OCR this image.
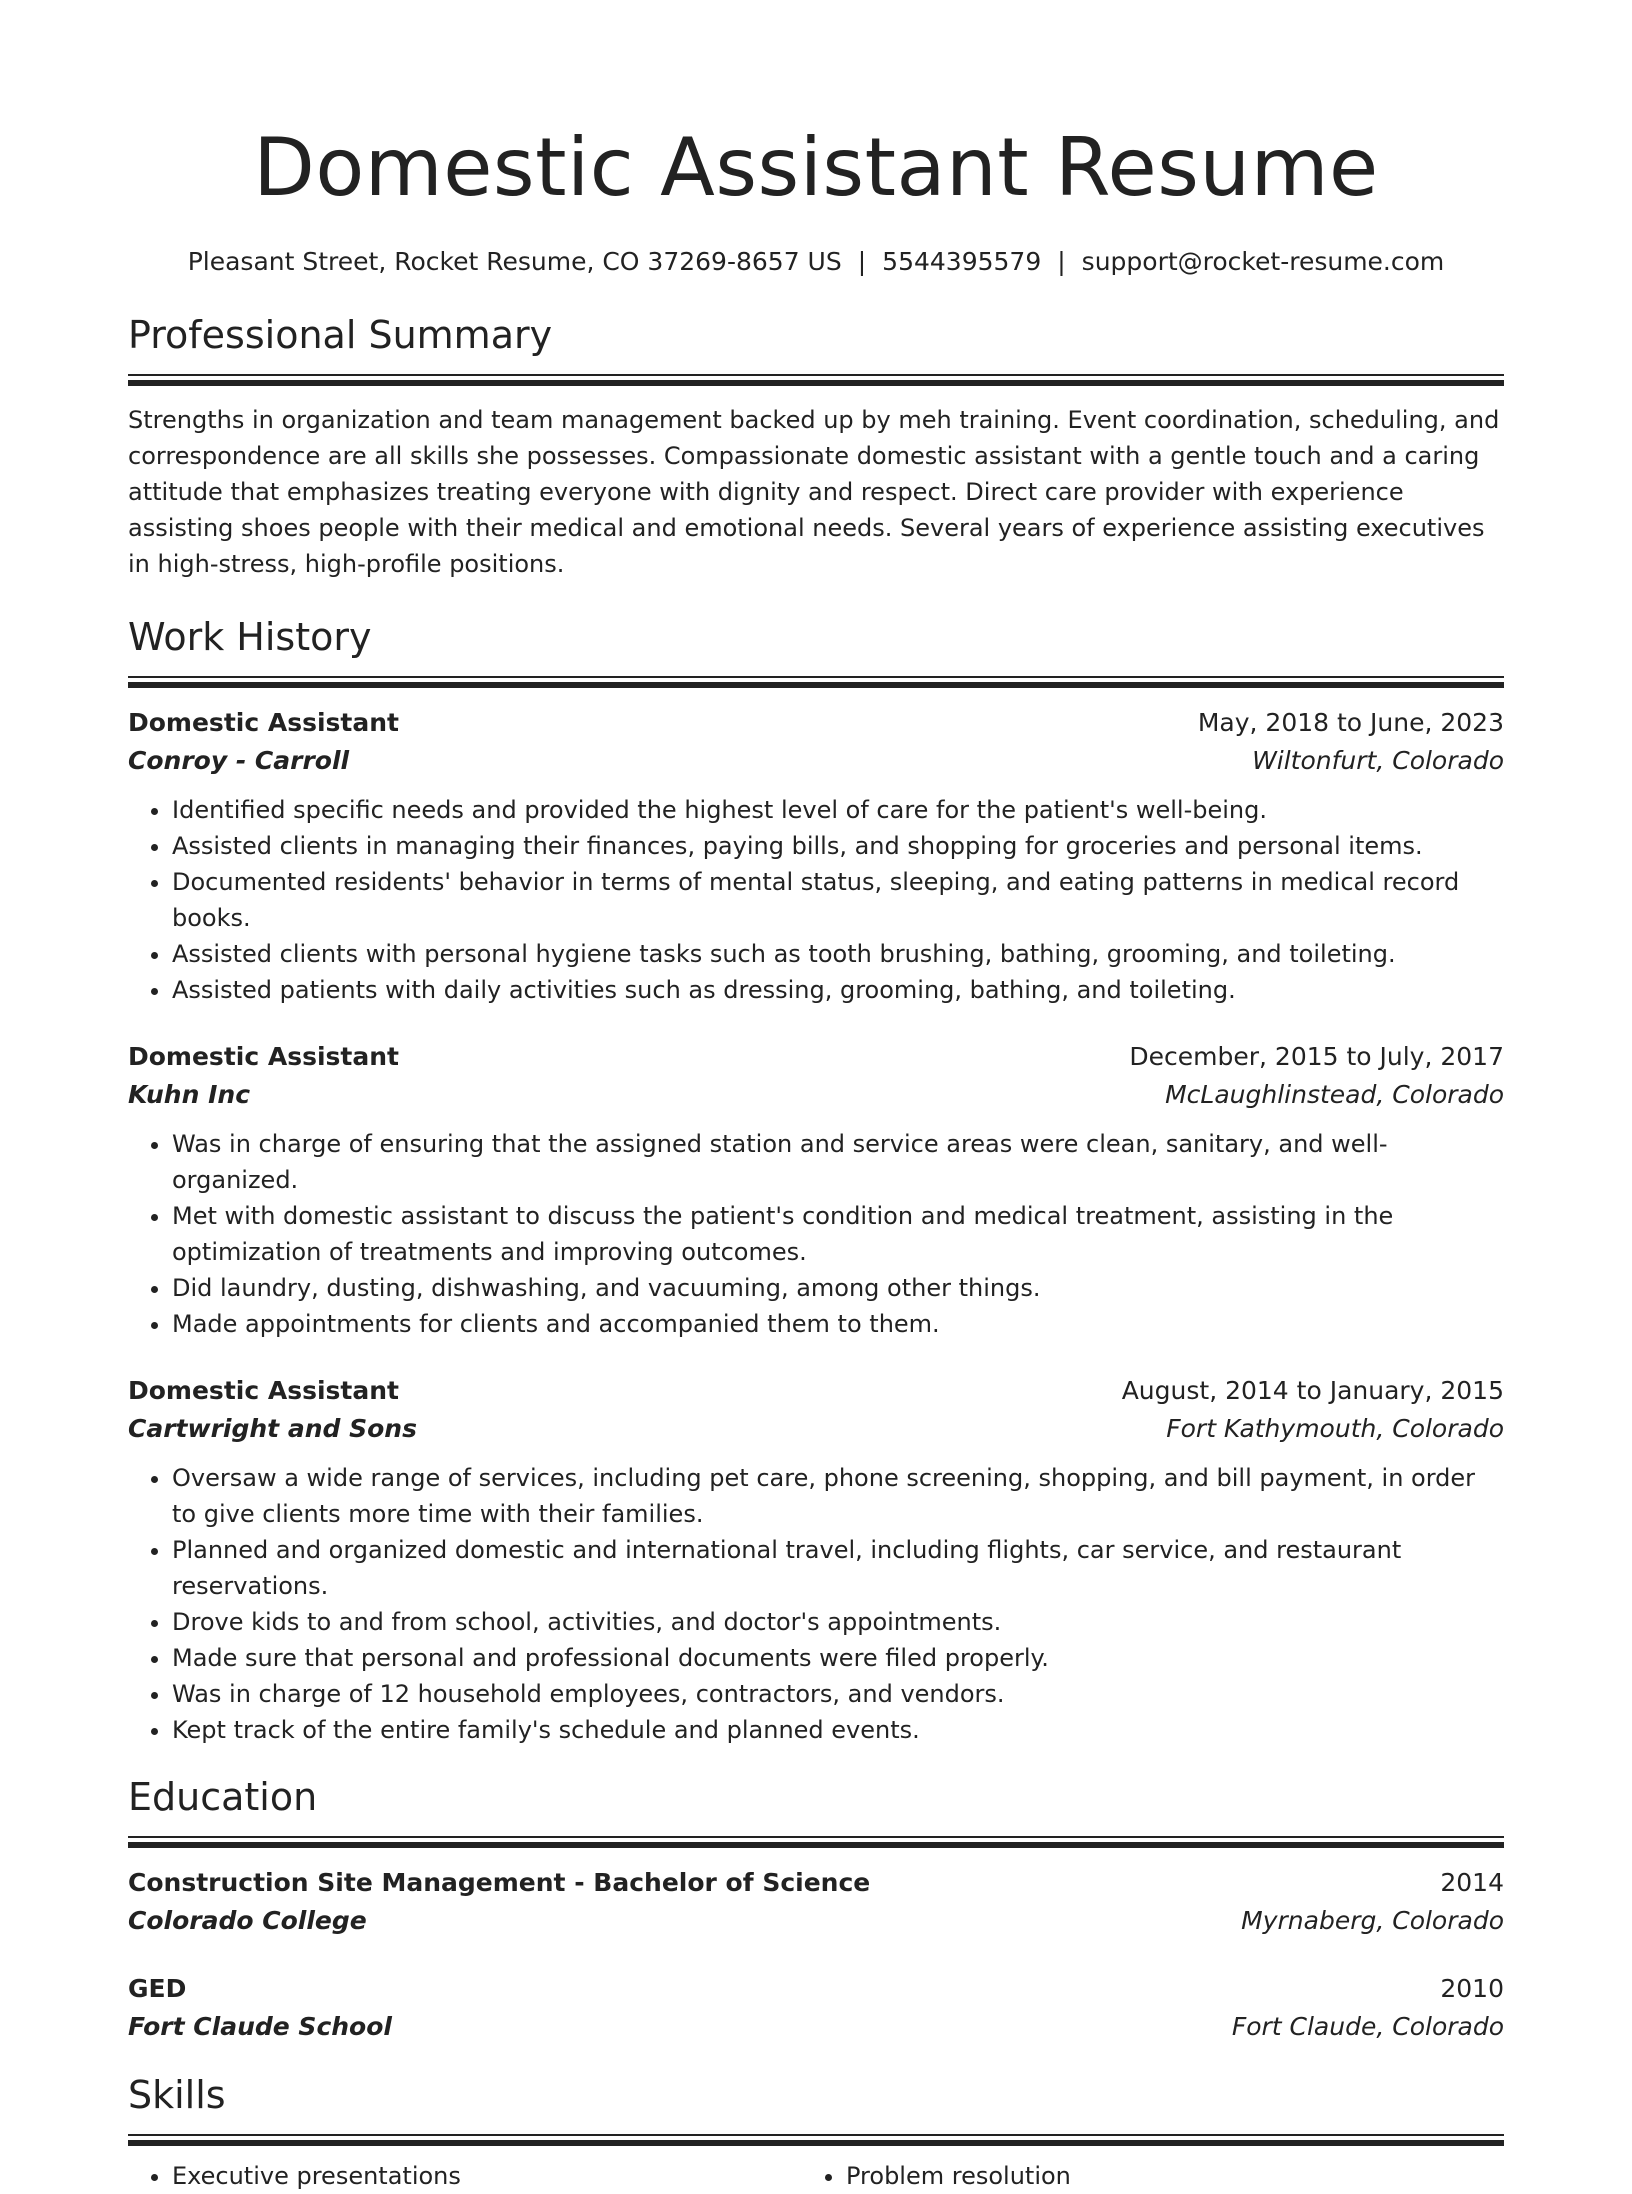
Domestic Assistant Resume
Pleasant Street, Rocket Resume, CO 37269-8657 US | 5544395579 | support@rocket-resume.com
Professional Summary
Strengths in organization and team management backed up by meh training. Event coordination, scheduling, and correspondence are all skills she possesses. Compassionate domestic assistant with a gentle touch and a caring attitude that emphasizes treating everyone with dignity and respect. Direct care provider with experience assisting shoes people with their medical and emotional needs. Several years of experience assisting executives in high-stress, high-profile positions.
Work History
Domestic Assistant	May, 2018 to June, 2023
Conroy - Carroll	Wiltonfurt, Colorado
• Identified specific needs and provided the highest level of care for the patient's well-being.
• Assisted clients in managing their finances, paying bills, and shopping for groceries and personal items.
• Documented residents' behavior in terms of mental status, sleeping, and eating patterns in medical record books.
• Assisted clients with personal hygiene tasks such as tooth brushing, bathing, grooming, and toileting.
• Assisted patients with daily activities such as dressing, grooming, bathing, and toileting.
Domestic Assistant	December, 2015 to July, 2017
Kuhn Inc	McLaughlinstead, Colorado
• Was in charge of ensuring that the assigned station and service areas were clean, sanitary, and well-organized.
• Met with domestic assistant to discuss the patient's condition and medical treatment, assisting in the optimization of treatments and improving outcomes.
• Did laundry, dusting, dishwashing, and vacuuming, among other things.
• Made appointments for clients and accompanied them to them.
Domestic Assistant	August, 2014 to January, 2015
Cartwright and Sons	Fort Kathymouth, Colorado
• Oversaw a wide range of services, including pet care, phone screening, shopping, and bill payment, in order to give clients more time with their families.
• Planned and organized domestic and international travel, including flights, car service, and restaurant reservations.
• Drove kids to and from school, activities, and doctor's appointments.
• Made sure that personal and professional documents were filed properly.
• Was in charge of 12 household employees, contractors, and vendors.
• Kept track of the entire family's schedule and planned events.
Education
Construction Site Management - Bachelor of Science	2014
Colorado College	Myrnaberg, Colorado
GED	2010
Fort Claude School	Fort Claude, Colorado
Skills
• Executive presentations
•	Problem resolution
